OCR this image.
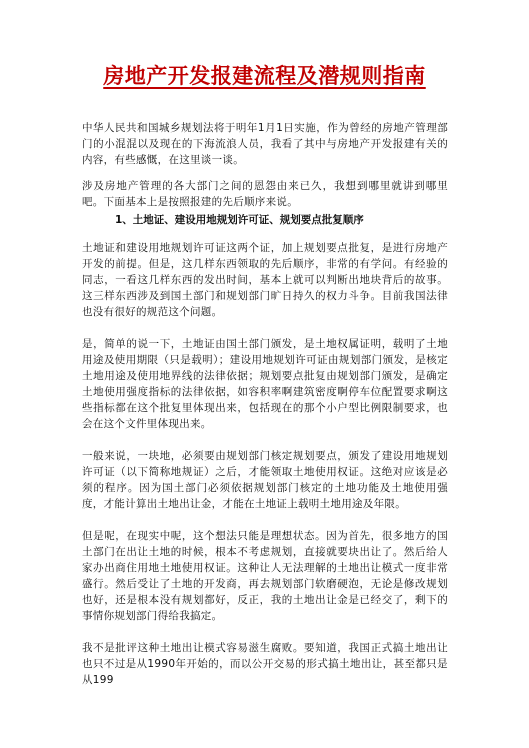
房地产开发报建流程及潜规则指南

中华人民共和国城乡规划法将于明年1月1日实施，作为曾经的房地产管理部门的小混混以及现在的下海流浪人员，我看了其中与房地产开发报建有关的内容，有些感慨，在这里谈一谈。

涉及房地产管理的各大部门之间的恩怨由来已久，我想到哪里就讲到哪里吧。下面基本上是按照报建的先后顺序来说。

1、土地证、建设用地规划许可证、规划要点批复顺序

土地证和建设用地规划许可证这两个证，加上规划要点批复，是进行房地产开发的前提。但是，这几样东西领取的先后顺序，非常的有学问。有经验的同志，一看这几样东西的发出时间，基本上就可以判断出地块背后的故事。这三样东西涉及到国土部门和规划部门旷日持久的权力斗争。目前我国法律也没有很好的规范这个问题。

是，简单的说一下，土地证由国土部门颁发，是土地权属证明，载明了土地用途及使用期限（只是载明）；建设用地规划许可证由规划部门颁发，是核定土地用途及使用地界线的法律依据；规划要点批复由规划部门颁发，是确定土地使用强度指标的法律依据，如容积率啊建筑密度啊停车位配置要求啊这些指标都在这个批复里体现出来，包括现在的那个小户型比例限制要求，也会在这个文件里体现出来。

一般来说，一块地，必须要由规划部门核定规划要点，颁发了建设用地规划许可证（以下简称地规证）之后，才能领取土地使用权证。这绝对应该是必须的程序。因为国土部门必须依据规划部门核定的土地功能及土地使用强度，才能计算出土地出让金，才能在土地证上载明土地用途及年限。

但是呢，在现实中呢，这个想法只能是理想状态。因为首先，很多地方的国土部门在出让土地的时候，根本不考虑规划，直接就要块出让了。然后给人家办出商住用地土地使用权证。这种让人无法理解的土地出让模式一度非常盛行。然后受让了土地的开发商，再去规划部门软磨硬泡，无论是修改规划也好，还是根本没有规划都好，反正，我的土地出让金是已经交了，剩下的事情你规划部门得给我搞定。

我不是批评这种土地出让模式容易滋生腐败。要知道，我国正式搞土地出让也只不过是从1990年开始的，而以公开交易的形式搞土地出让，甚至都只是从199
